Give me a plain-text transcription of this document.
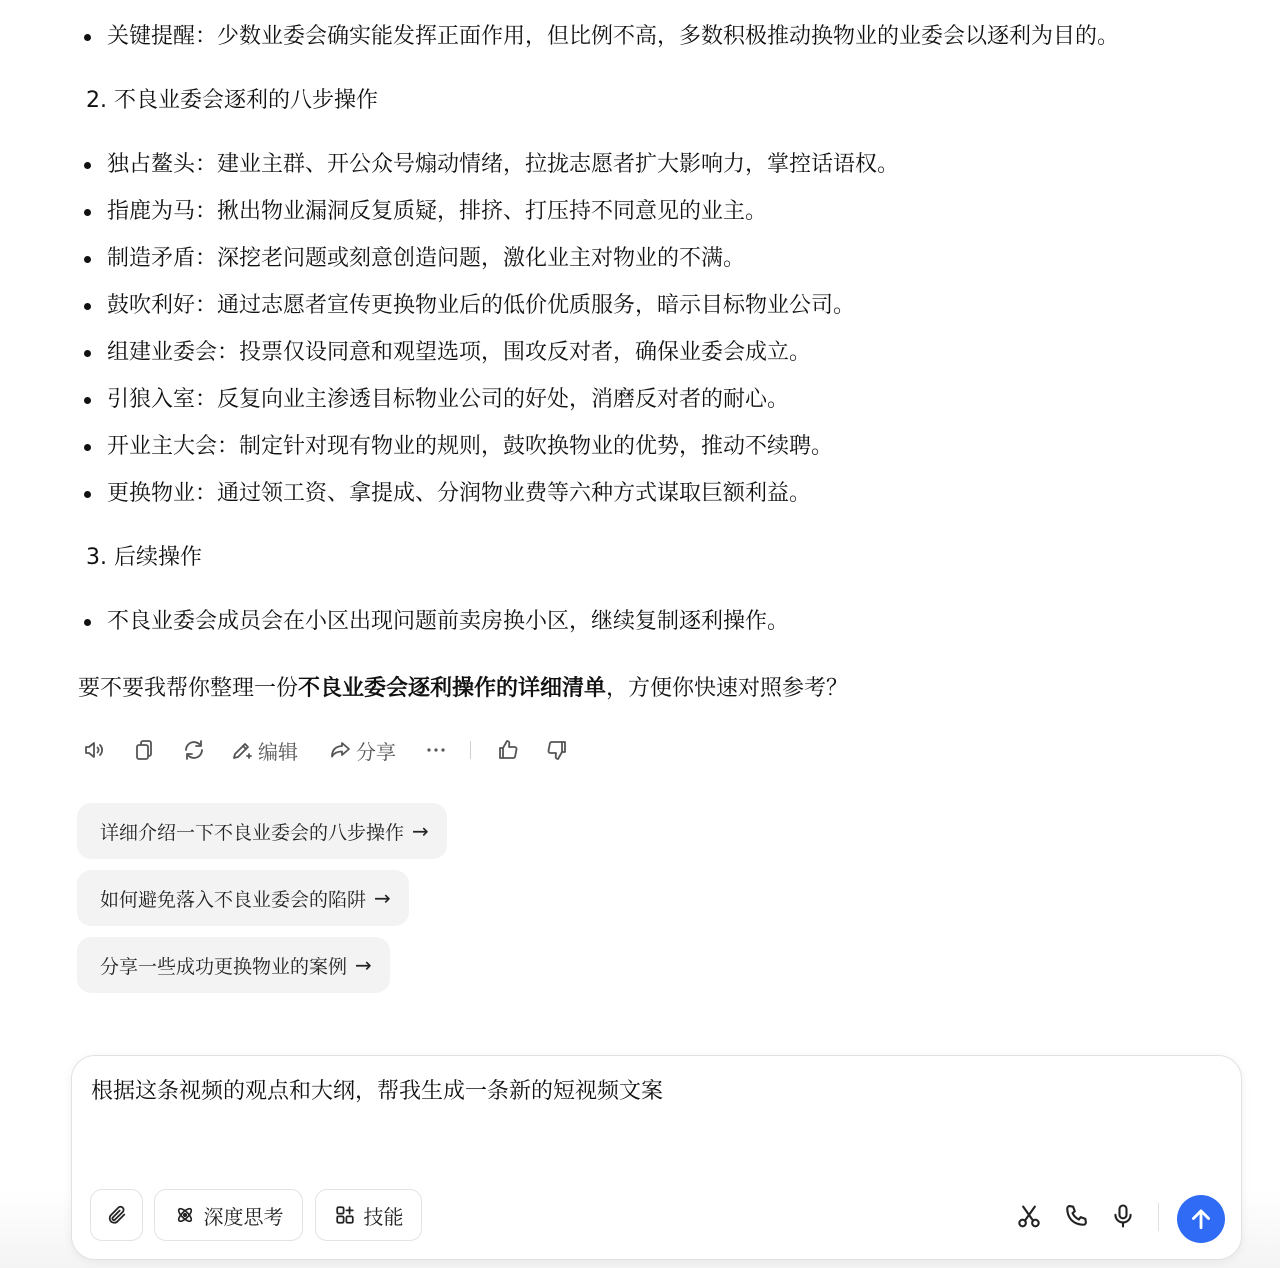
关键提醒：少数业委会确实能发挥正面作用，但比例不高，多数积极推动换物业的业委会以逐利为目的。
2. 不良业委会逐利的八步操作
独占鳌头：建业主群、开公众号煽动情绪，拉拢志愿者扩大影响力，掌控话语权。
指鹿为马：揪出物业漏洞反复质疑，排挤、打压持不同意见的业主。
制造矛盾：深挖老问题或刻意创造问题，激化业主对物业的不满。
鼓吹利好：通过志愿者宣传更换物业后的低价优质服务，暗示目标物业公司。
组建业委会：投票仅设同意和观望选项，围攻反对者，确保业委会成立。
引狼入室：反复向业主渗透目标物业公司的好处，消磨反对者的耐心。
开业主大会：制定针对现有物业的规则，鼓吹换物业的优势，推动不续聘。
更换物业：通过领工资、拿提成、分润物业费等六种方式谋取巨额利益。
3. 后续操作
不良业委会成员会在小区出现问题前卖房换小区，继续复制逐利操作。
要不要我帮你整理一份不良业委会逐利操作的详细清单，方便你快速对照参考？
编辑	分享
详细介绍一下不良业委会的八步操作 →
如何避免落入不良业委会的陷阱 →
分享一些成功更换物业的案例 →
根据这条视频的观点和大纲，帮我生成一条新的短视频文案
深度思考	技能
